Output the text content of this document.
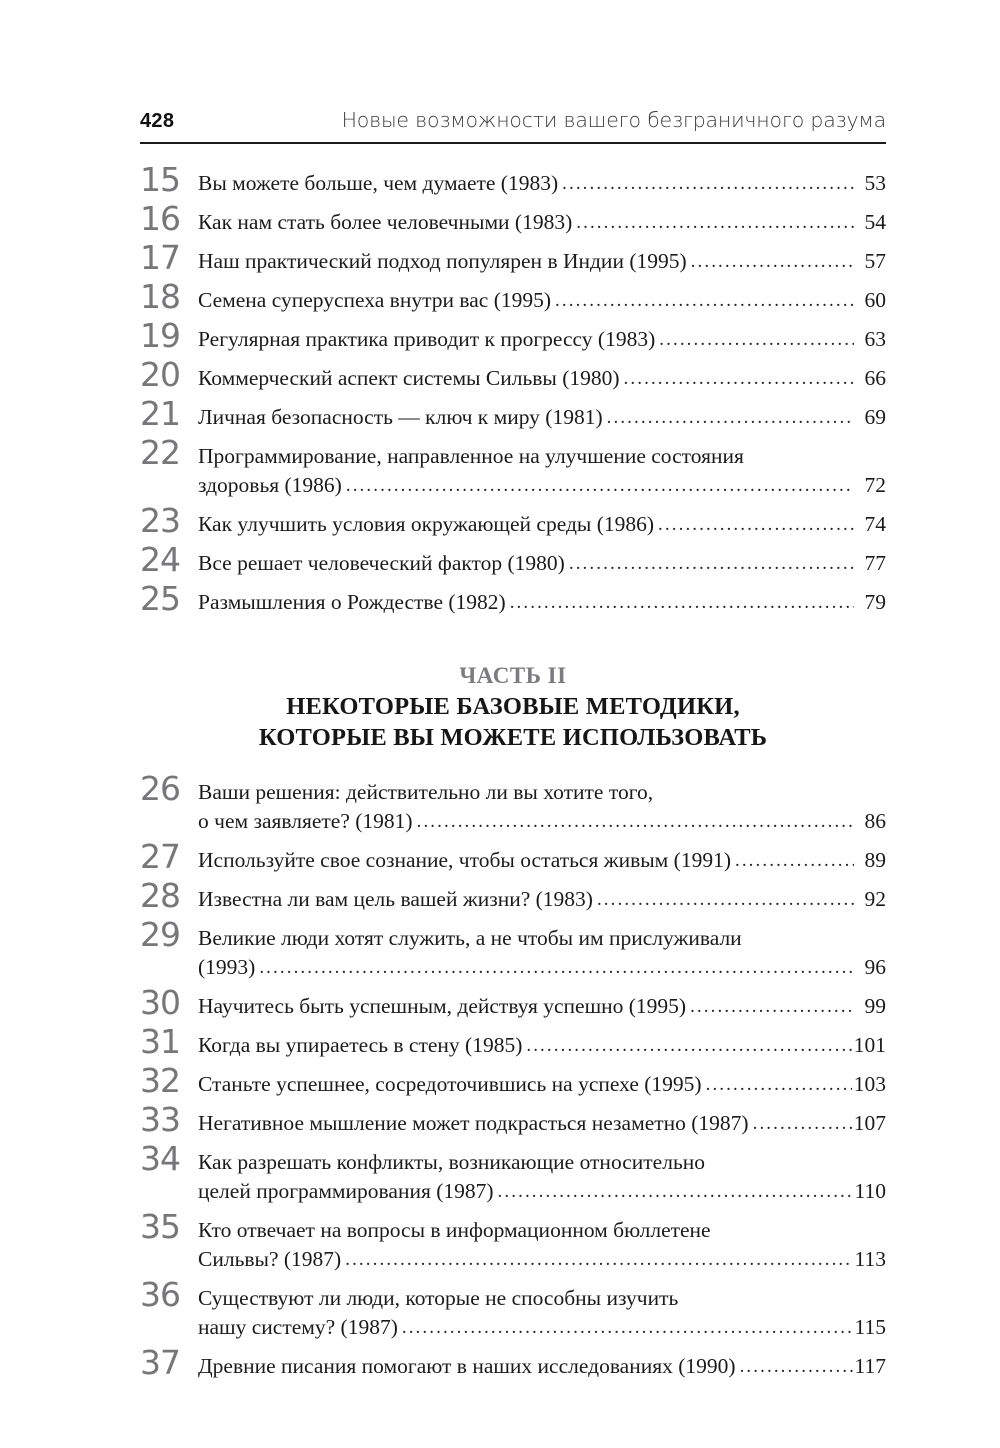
428	Новые возможности вашего безграничного разума
15 Вы можете больше, чем думаете (1983) .....	53
16 Как нам стать более человечными (1983) .....	54
17 Наш практический подход популярен в Индии (1995) .....	57
18 Семена суперуспеха внутри вас (1995) .....	60
19 Регулярная практика приводит к прогрессу (1983) .....	63
20 Коммерческий аспект системы Сильвы (1980) .....	66
21 Личная безопасность — ключ к миру (1981) .....	69
22 Программирование, направленное на улучшение состояния
здоровья (1986) .....	72
23 Как улучшить условия окружающей среды (1986) .....	74
24 Все решает человеческий фактор (1980) .....	77
25 Размышления о Рождестве (1982) .....	79
ЧАСТЬ II
НЕКОТОРЫЕ БАЗОВЫЕ МЕТОДИКИ,
КОТОРЫЕ ВЫ МОЖЕТЕ ИСПОЛЬЗОВАТЬ
26 Ваши решения: действительно ли вы хотите того,
о чем заявляете? (1981) .....	86
27 Используйте свое сознание, чтобы остаться живым (1991) .....	89
28 Известна ли вам цель вашей жизни? (1983) .....	92
29 Великие люди хотят служить, а не чтобы им прислуживали
(1993) .....	96
30 Научитесь быть успешным, действуя успешно (1995) .....	99
31 Когда вы упираетесь в стену (1985) .....	101
32 Станьте успешнее, сосредоточившись на успехе (1995) .....	103
33 Негативное мышление может подкрасться незаметно (1987) .....	107
34 Как разрешать конфликты, возникающие относительно
целей программирования (1987) .....	110
35 Кто отвечает на вопросы в информационном бюллетене
Сильвы? (1987) .....	113
36 Существуют ли люди, которые не способны изучить
нашу систему? (1987) .....	115
37 Древние писания помогают в наших исследованиях (1990) .....	117
